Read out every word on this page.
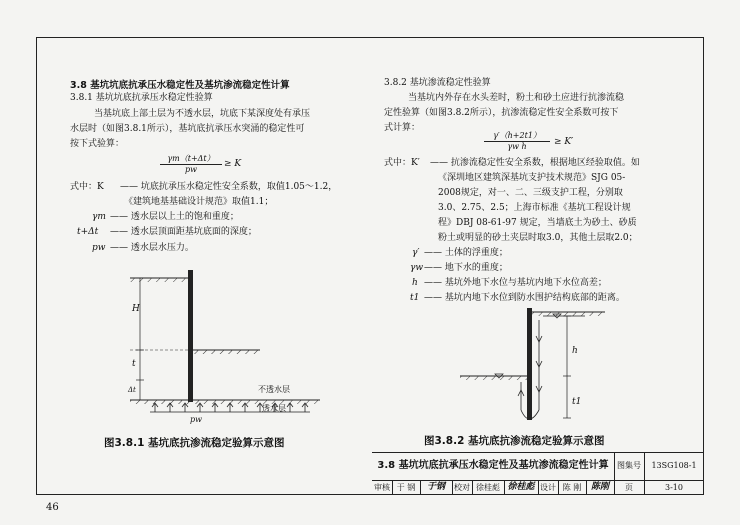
3.8 基坑坑底抗承压水稳定性及基坑渗流稳定性计算
3.8.1 基坑坑底抗承压水稳定性验算
当基坑底上部土层为不透水层，坑底下某深度处有承压
水层时（如图3.8.1所示），基坑底抗承压水突涌的稳定性可
按下式验算：
$\frac{\gamma m(t+\Delta t)}{pw} \ge K$
式中：K —— 坑底抗承压水稳定性安全系数，取值1.05～1.2，
《建筑地基基础设计规范》取值1.1；
γm —— 透水层以上土的饱和重度；
t+Δt —— 透水层顶面距基坑底面的深度；
pw —— 透水层水压力。
H
t
Δt	不透水层
透水层
pw
图3.8.1 基坑底抗渗流稳定验算示意图
3.8.2 基坑渗流稳定性验算
当基坑内外存在水头差时，粉土和砂土应进行抗渗流稳
定性验算（如图3.8.2所示），抗渗流稳定性安全系数可按下
式计算：
$\frac{\gamma'(h+2t1)}{\text{γw h}} \ge K'$
式中：K′ —— 抗渗流稳定性安全系数，根据地区经验取值。如
《深圳地区建筑深基坑支护技术规范》SJG 05-
2008规定，对一、二、三级支护工程，分别取
3.0、2.75、2.5；上海市标准《基坑工程设计规
程》DBJ 08-61-97 规定，当墙底土为砂土、砂质
粉土或明显的砂土夹层时取3.0，其他土层取2.0；
γ′ —— 土体的浮重度；
γw —— 地下水的重度；
h —— 基坑外地下水位与基坑内地下水位高差；
t1 —— 基坑内地下水位到防水围护结构底部的距离。
h
t1
图3.8.2 基坑底抗渗流稳定验算示意图
3.8 基坑坑底抗承压水稳定性及基坑渗流稳定性计算	图集号	13SG108-1
审核 于 钢	于钢	校对 徐桂彪 徐桂彪 设计 陈 刚	陈刚	页	3-10
46
